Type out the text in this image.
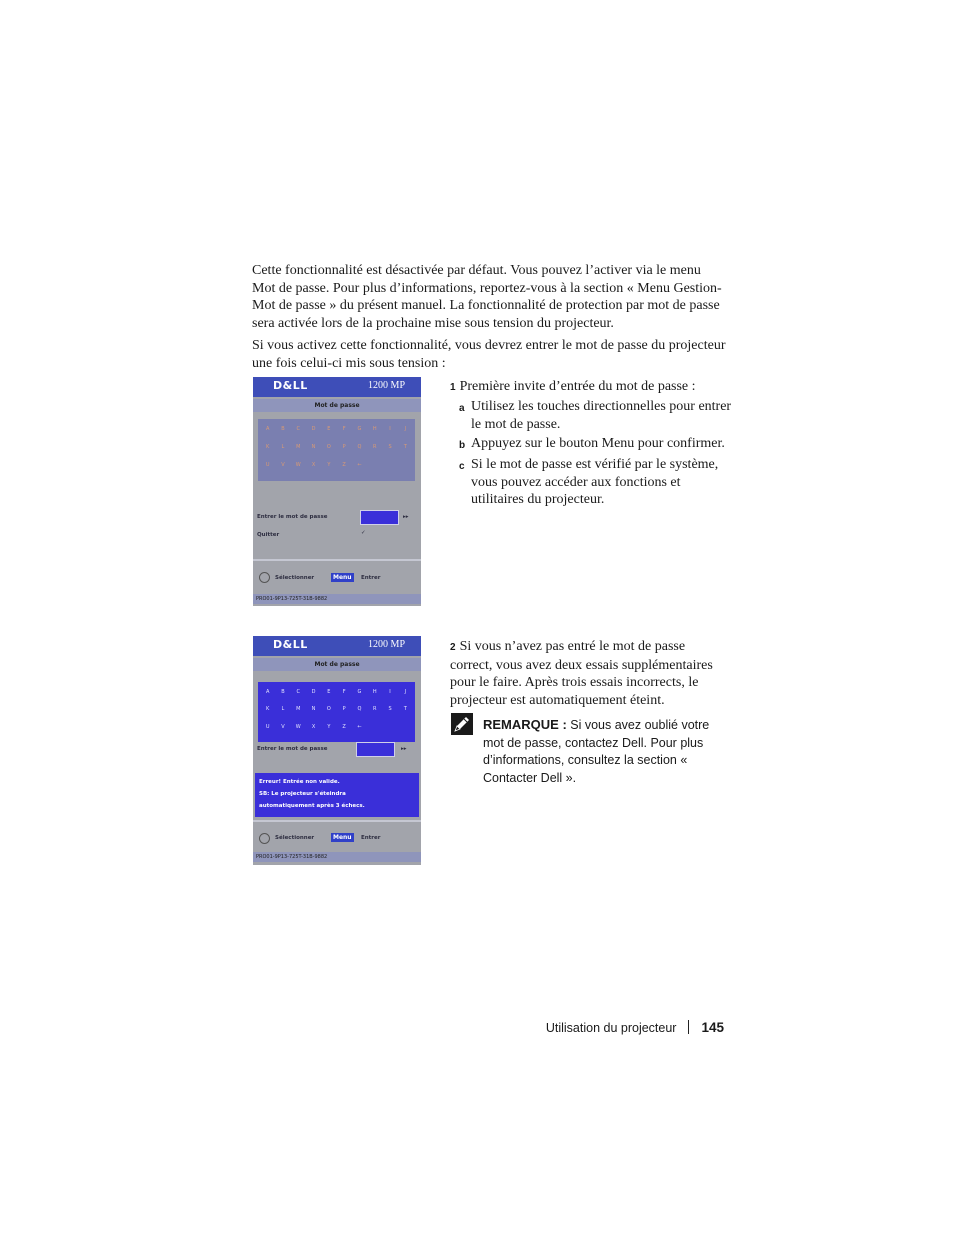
Cette fonctionnalité est désactivée par défaut. Vous pouvez l’activer via le menu Mot de passe. Pour plus d’informations, reportez-vous à la section « Menu Gestion-Mot de passe » du présent manuel. La fonctionnalité de protection par mot de passe sera activée lors de la prochaine mise sous tension du projecteur.

Si vous activez cette fonctionnalité, vous devrez entrer le mot de passe du projecteur une fois celui-ci mis sous tension :

D&LL	1200 MP
Mot de passe
A	B	C	D	E	F	G	H	I	J
K	L	M	N	O	P	Q	R	S	T
U	V	W	X	Y	Z	←
Entrer le mot de passe	▸▸
Quitter	✓
Sélectionner	Menu	Entrer
PRO01-9P13-725T-31B-9882

1 Première invite d’entrée du mot de passe :

a Utilisez les touches directionnelles pour entrer le mot de passe.

b Appuyez sur le bouton Menu pour confirmer.

c Si le mot de passe est vérifié par le système, vous pouvez accéder aux fonctions et utilitaires du projecteur.

D&LL	1200 MP
Mot de passe
A	B	C	D	E	F	G	H	I	J
K	L	M	N	O	P	Q	R	S	T
U	V	W	X	Y	Z	←
Entrer le mot de passe	▸▸
Erreur! Entrée non valide.
SB: Le projecteur s'éteindra
automatiquement après 3 échecs.
Sélectionner	Menu	Entrer
PRO01-9P13-725T-31B-9882

2 Si vous n’avez pas entré le mot de passe correct, vous avez deux essais supplémentaires pour le faire. Après trois essais incorrects, le projecteur est automatiquement éteint.

REMARQUE : Si vous avez oublié votre mot de passe, contactez Dell. Pour plus d’informations, consultez la section « Contacter Dell ».

Utilisation du projecteur 145
